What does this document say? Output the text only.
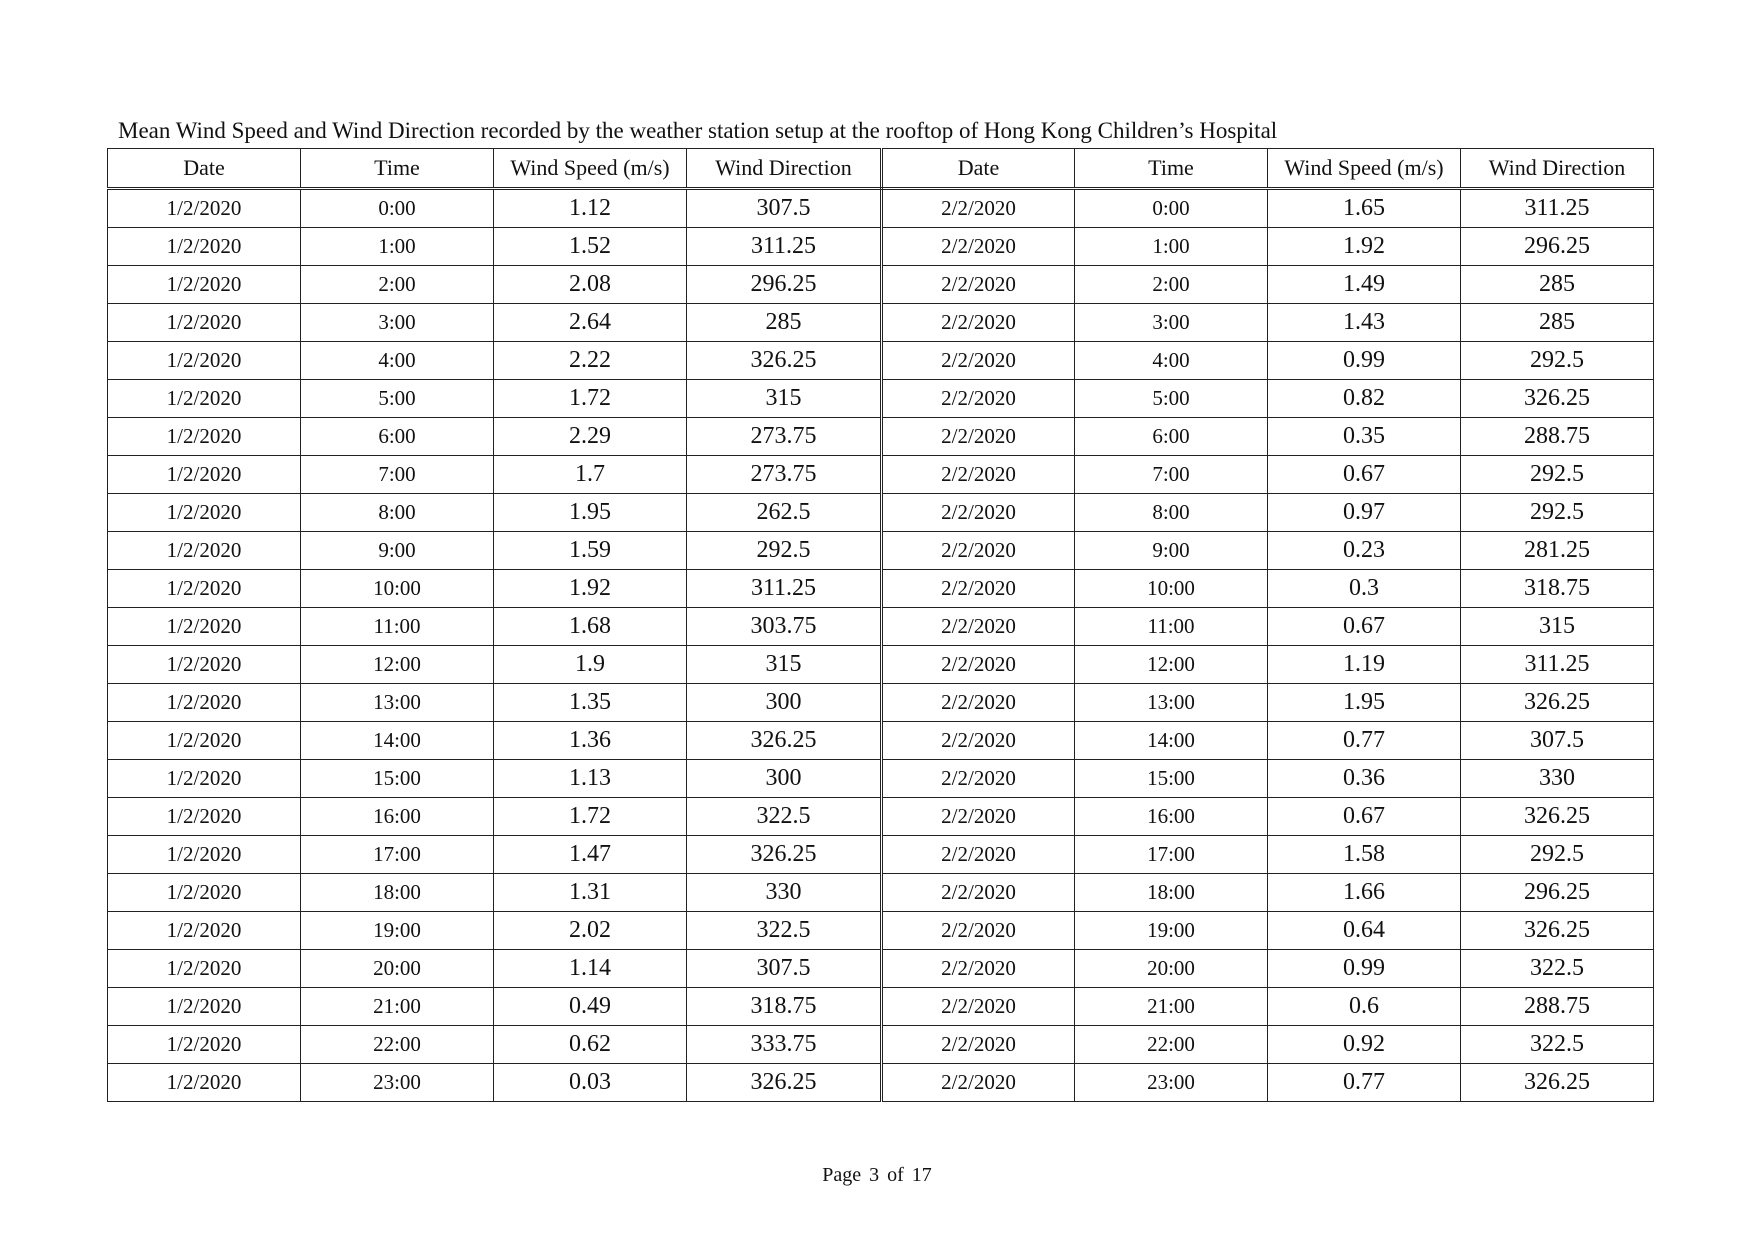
Mean Wind Speed and Wind Direction recorded by the weather station setup at the rooftop of Hong Kong Children’s Hospital
Date	Time	Wind Speed (m/s)	Wind Direction	Date	Time	Wind Speed (m/s)	Wind Direction
1/2/2020	0:00	1.12	307.5	2/2/2020	0:00	1.65	311.25
1/2/2020	1:00	1.52	311.25	2/2/2020	1:00	1.92	296.25
1/2/2020	2:00	2.08	296.25	2/2/2020	2:00	1.49	285
1/2/2020	3:00	2.64	285	2/2/2020	3:00	1.43	285
1/2/2020	4:00	2.22	326.25	2/2/2020	4:00	0.99	292.5
1/2/2020	5:00	1.72	315	2/2/2020	5:00	0.82	326.25
1/2/2020	6:00	2.29	273.75	2/2/2020	6:00	0.35	288.75
1/2/2020	7:00	1.7	273.75	2/2/2020	7:00	0.67	292.5
1/2/2020	8:00	1.95	262.5	2/2/2020	8:00	0.97	292.5
1/2/2020	9:00	1.59	292.5	2/2/2020	9:00	0.23	281.25
1/2/2020	10:00	1.92	311.25	2/2/2020	10:00	0.3	318.75
1/2/2020	11:00	1.68	303.75	2/2/2020	11:00	0.67	315
1/2/2020	12:00	1.9	315	2/2/2020	12:00	1.19	311.25
1/2/2020	13:00	1.35	300	2/2/2020	13:00	1.95	326.25
1/2/2020	14:00	1.36	326.25	2/2/2020	14:00	0.77	307.5
1/2/2020	15:00	1.13	300	2/2/2020	15:00	0.36	330
1/2/2020	16:00	1.72	322.5	2/2/2020	16:00	0.67	326.25
1/2/2020	17:00	1.47	326.25	2/2/2020	17:00	1.58	292.5
1/2/2020	18:00	1.31	330	2/2/2020	18:00	1.66	296.25
1/2/2020	19:00	2.02	322.5	2/2/2020	19:00	0.64	326.25
1/2/2020	20:00	1.14	307.5	2/2/2020	20:00	0.99	322.5
1/2/2020	21:00	0.49	318.75	2/2/2020	21:00	0.6	288.75
1/2/2020	22:00	0.62	333.75	2/2/2020	22:00	0.92	322.5
1/2/2020	23:00	0.03	326.25	2/2/2020	23:00	0.77	326.25
Page 3 of 17
